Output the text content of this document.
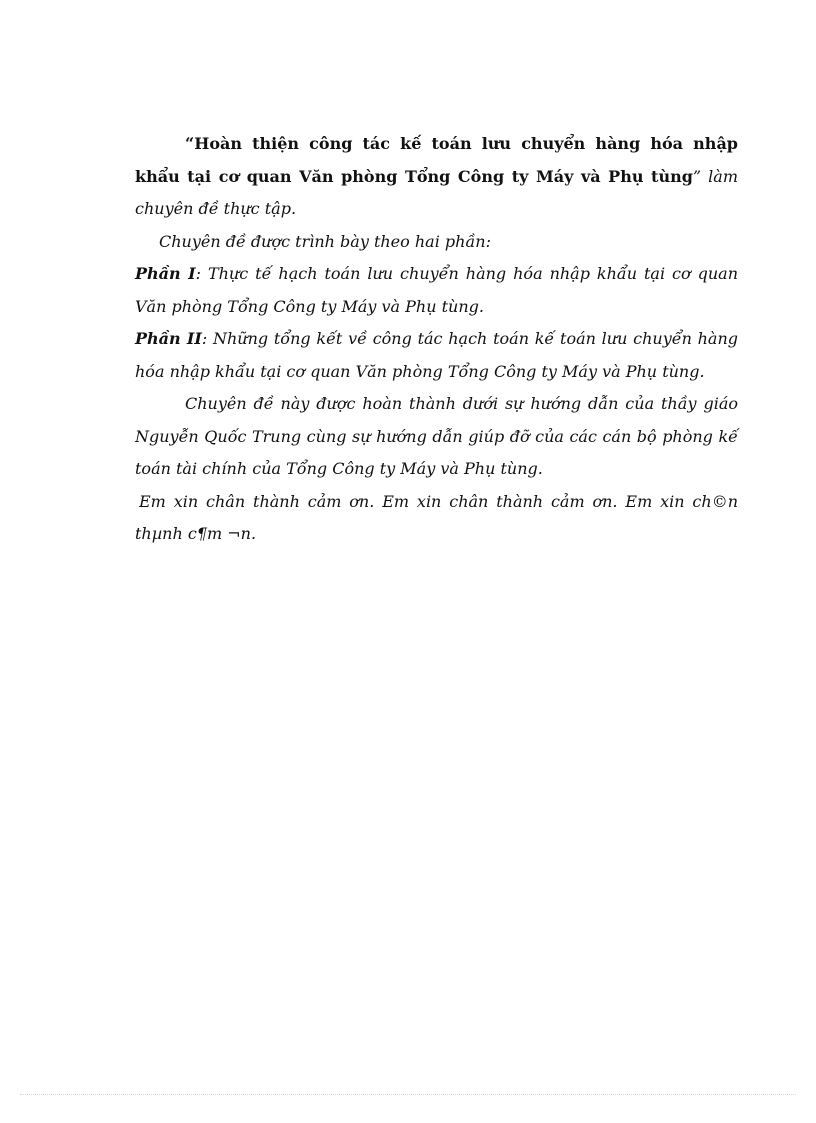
“Hoàn thiện công tác kế toán lưu chuyển hàng hóa nhập khẩu tại cơ quan Văn phòng Tổng Công ty Máy và Phụ tùng” làm chuyên đề thực tập.

Chuyên đề được trình bày theo hai phần:

Phần I: Thực tế hạch toán lưu chuyển hàng hóa nhập khẩu tại cơ quan Văn phòng Tổng Công ty Máy và Phụ tùng.

Phần II: Những tổng kết về công tác hạch toán kế toán lưu chuyển hàng hóa nhập khẩu tại cơ quan Văn phòng Tổng Công ty Máy và Phụ tùng.

Chuyên đề này được hoàn thành dưới sự hướng dẫn của thầy giáo Nguyễn Quốc Trung cùng sự hướng dẫn giúp đỡ của các cán bộ phòng kế toán tài chính của Tổng Công ty Máy và Phụ tùng.

Em xin chân thành cảm ơn. Em xin chân thành cảm ơn. Em xin ch©n thµnh c¶m ¬n.
